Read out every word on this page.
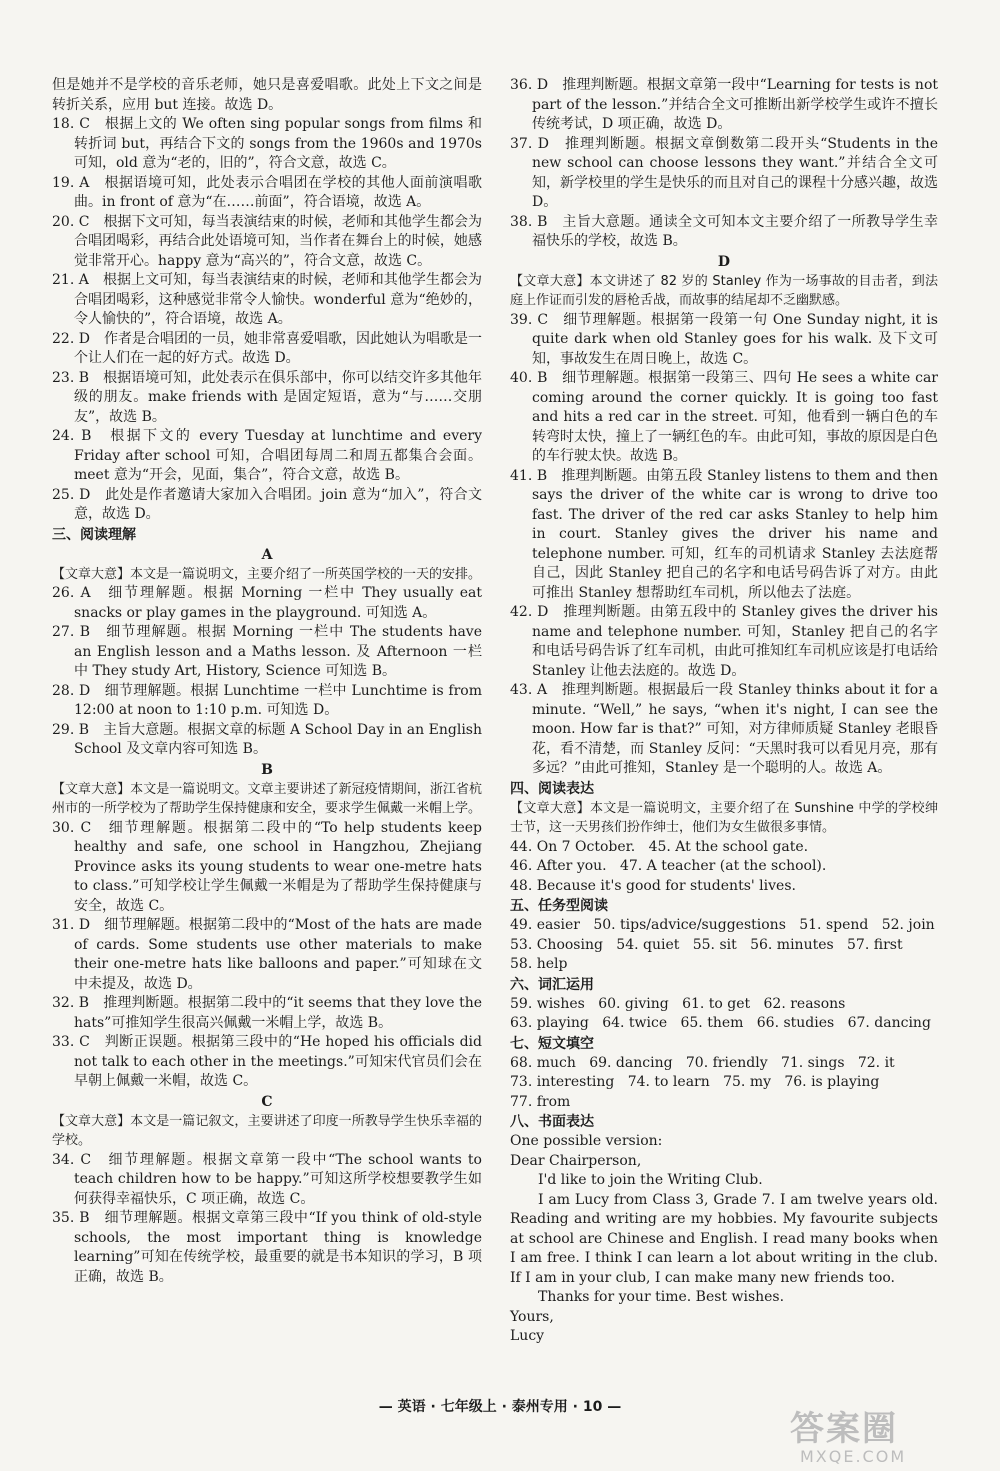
但是她并不是学校的音乐老师，她只是喜爱唱歌。此处上下文之间是转折关系，应用 but 连接。故选 D。

18. C　根据上文的 We often sing popular songs from films 和转折词 but，再结合下文的 songs from the 1960s and 1970s 可知，old 意为“老的，旧的”，符合文意，故选 C。

19. A　根据语境可知，此处表示合唱团在学校的其他人面前演唱歌曲。in front of 意为“在……前面”，符合语境，故选 A。

20. C　根据下文可知，每当表演结束的时候，老师和其他学生都会为合唱团喝彩，再结合此处语境可知，当作者在舞台上的时候，她感觉非常开心。happy 意为“高兴的”，符合文意，故选 C。

21. A　根据上文可知，每当表演结束的时候，老师和其他学生都会为合唱团喝彩，这种感觉非常令人愉快。wonderful 意为“绝妙的，令人愉快的”，符合语境，故选 A。

22. D　作者是合唱团的一员，她非常喜爱唱歌，因此她认为唱歌是一个让人们在一起的好方式。故选 D。

23. B　根据语境可知，此处表示在俱乐部中，你可以结交许多其他年级的朋友。make friends with 是固定短语，意为“与……交朋友”，故选 B。

24. B　根据下文的 every Tuesday at lunchtime and every Friday after school 可知，合唱团每周二和周五都集合会面。meet 意为“开会，见面，集合”，符合文意，故选 B。

25. D　此处是作者邀请大家加入合唱团。join 意为“加入”，符合文意，故选 D。

三、阅读理解

A

【文章大意】本文是一篇说明文，主要介绍了一所英国学校的一天的安排。

26. A　细节理解题。根据 Morning 一栏中 They usually eat snacks or play games in the playground. 可知选 A。

27. B　细节理解题。根据 Morning 一栏中 The students have an English lesson and a Maths lesson. 及 Afternoon 一栏中 They study Art, History, Science 可知选 B。

28. D　细节理解题。根据 Lunchtime 一栏中 Lunchtime is from 12:00 at noon to 1:10 p.m. 可知选 D。

29. B　主旨大意题。根据文章的标题 A School Day in an English School 及文章内容可知选 B。

B

【文章大意】本文是一篇说明文。文章主要讲述了新冠疫情期间，浙江省杭州市的一所学校为了帮助学生保持健康和安全，要求学生佩戴一米帽上学。

30. C　细节理解题。根据第二段中的“To help students keep healthy and safe, one school in Hangzhou, Zhejiang Province asks its young students to wear one-metre hats to class.”可知学校让学生佩戴一米帽是为了帮助学生保持健康与安全，故选 C。

31. D　细节理解题。根据第二段中的“Most of the hats are made of cards. Some students use other materials to make their one-metre hats like balloons and paper.”可知球在文中未提及，故选 D。

32. B　推理判断题。根据第二段中的“it seems that they love the hats”可推知学生很高兴佩戴一米帽上学，故选 B。

33. C　判断正误题。根据第三段中的“He hoped his officials did not talk to each other in the meetings.”可知宋代官员们会在早朝上佩戴一米帽，故选 C。

C

【文章大意】本文是一篇记叙文，主要讲述了印度一所教导学生快乐幸福的学校。

34. C　细节理解题。根据文章第一段中“The school wants to teach children how to be happy.”可知这所学校想要教学生如何获得幸福快乐，C 项正确，故选 C。

35. B　细节理解题。根据文章第三段中“If you think of old-style schools, the most important thing is knowledge learning”可知在传统学校，最重要的就是书本知识的学习，B 项正确，故选 B。

36. D　推理判断题。根据文章第一段中“Learning for tests is not part of the lesson.”并结合全文可推断出新学校学生或许不擅长传统考试，D 项正确，故选 D。

37. D　推理判断题。根据文章倒数第二段开头“Students in the new school can choose lessons they want.”并结合全文可知，新学校里的学生是快乐的而且对自己的课程十分感兴趣，故选 D。

38. B　主旨大意题。通读全文可知本文主要介绍了一所教导学生幸福快乐的学校，故选 B。

D

【文章大意】本文讲述了 82 岁的 Stanley 作为一场事故的目击者，到法庭上作证而引发的唇枪舌战，而故事的结尾却不乏幽默感。

39. C　细节理解题。根据第一段第一句 One Sunday night, it is quite dark when old Stanley goes for his walk. 及下文可知，事故发生在周日晚上，故选 C。

40. B　细节理解题。根据第一段第三、四句 He sees a white car coming around the corner quickly. It is going too fast and hits a red car in the street. 可知，他看到一辆白色的车转弯时太快，撞上了一辆红色的车。由此可知，事故的原因是白色的车行驶太快。故选 B。

41. B　推理判断题。由第五段 Stanley listens to them and then says the driver of the white car is wrong to drive too fast. The driver of the red car asks Stanley to help him in court. Stanley gives the driver his name and telephone number. 可知，红车的司机请求 Stanley 去法庭帮自己，因此 Stanley 把自己的名字和电话号码告诉了对方。由此可推出 Stanley 想帮助红车司机，所以他去了法庭。

42. D　推理判断题。由第五段中的 Stanley gives the driver his name and telephone number. 可知，Stanley 把自己的名字和电话号码告诉了红车司机，由此可推知红车司机应该是打电话给 Stanley 让他去法庭的。故选 D。

43. A　推理判断题。根据最后一段 Stanley thinks about it for a minute. “Well,” he says, “when it's night, I can see the moon. How far is that?” 可知，对方律师质疑 Stanley 老眼昏花，看不清楚，而 Stanley 反问：“天黑时我可以看见月亮，那有多远？”由此可推知，Stanley 是一个聪明的人。故选 A。

四、阅读表达

【文章大意】本文是一篇说明文，主要介绍了在 Sunshine 中学的学校绅士节，这一天男孩们扮作绅士，他们为女生做很多事情。

44. On 7 October.   45. At the school gate.

46. After you.   47. A teacher (at the school).

48. Because it's good for students' lives.

五、任务型阅读

49. easier   50. tips/advice/suggestions   51. spend   52. join

53. Choosing   54. quiet   55. sit   56. minutes   57. first

58. help

六、词汇运用

59. wishes   60. giving   61. to get   62. reasons

63. playing   64. twice   65. them   66. studies   67. dancing

七、短文填空

68. much   69. dancing   70. friendly   71. sings   72. it

73. interesting   74. to learn   75. my   76. is playing

77. from

八、书面表达

One possible version:

Dear Chairperson,

I'd like to join the Writing Club.

I am Lucy from Class 3, Grade 7. I am twelve years old. Reading and writing are my hobbies. My favourite subjects at school are Chinese and English. I read many books when I am free. I think I can learn a lot about writing in the club. If I am in your club, I can make many new friends too.

Thanks for your time. Best wishes.

Yours,

Lucy

— 英语 · 七年级上 · 泰州专用 · 10 —
答案圈
MXQE.COM
